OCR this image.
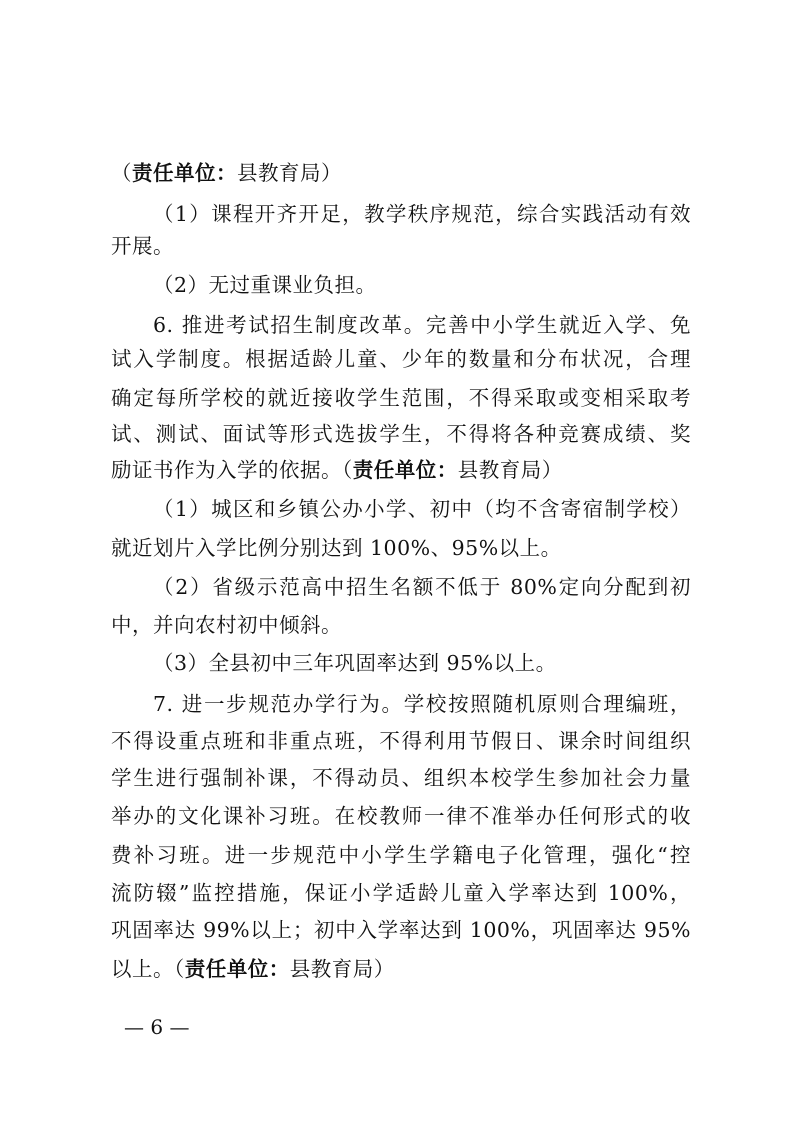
（责任单位：县教育局）
（1）课程开齐开足，教学秩序规范，综合实践活动有效
开展。
（2）无过重课业负担。
6. 推进考试招生制度改革。完善中小学生就近入学、免
试入学制度。根据适龄儿童、少年的数量和分布状况，合理
确定每所学校的就近接收学生范围，不得采取或变相采取考
试、测试、面试等形式选拔学生，不得将各种竞赛成绩、奖
励证书作为入学的依据。（责任单位：县教育局）
（1）城区和乡镇公办小学、初中（均不含寄宿制学校）
就近划片入学比例分别达到 100%、95%以上。
（2）省级示范高中招生名额不低于 80%定向分配到初
中，并向农村初中倾斜。
（3）全县初中三年巩固率达到 95%以上。
7. 进一步规范办学行为。学校按照随机原则合理编班，
不得设重点班和非重点班，不得利用节假日、课余时间组织
学生进行强制补课，不得动员、组织本校学生参加社会力量
举办的文化课补习班。在校教师一律不准举办任何形式的收
费补习班。进一步规范中小学生学籍电子化管理，强化“控
流防辍”监控措施，保证小学适龄儿童入学率达到 100%，
巩固率达 99%以上；初中入学率达到 100%，巩固率达 95%
以上。（责任单位：县教育局）
— 6 —
